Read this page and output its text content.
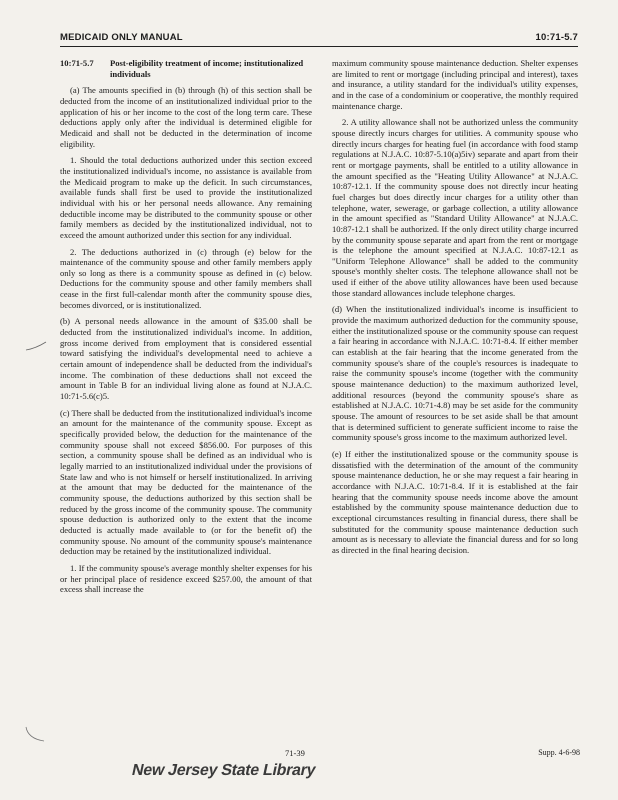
MEDICAID ONLY MANUAL	10:71-5.7
10:71-5.7	Post-eligibility treatment of income; institutionalized individuals

(a) The amounts specified in (b) through (h) of this section shall be deducted from the income of an institutionalized individual prior to the application of his or her income to the cost of the long term care. These deductions apply only after the individual is determined eligible for Medicaid and shall not be deducted in the determination of income eligibility.

1. Should the total deductions authorized under this section exceed the institutionalized individual's income, no assistance is available from the Medicaid program to make up the deficit. In such circumstances, available funds shall first be used to provide the institutionalized individual with his or her personal needs allowance. Any remaining deductible income may be distributed to the community spouse or other family members as decided by the institutionalized individual, not to exceed the amount authorized under this section for any individual.

2. The deductions authorized in (c) through (e) below for the maintenance of the community spouse and other family members apply only so long as there is a community spouse as defined in (c) below. Deductions for the community spouse and other family members shall cease in the first full-calendar month after the community spouse dies, becomes divorced, or is institutionalized.

(b) A personal needs allowance in the amount of $35.00 shall be deducted from the institutionalized individual's income. In addition, gross income derived from employment that is considered essential toward satisfying the individual's developmental need to achieve a certain amount of independence shall be deducted from the individual's income. The combination of these deductions shall not exceed the amount in Table B for an individual living alone as found at N.J.A.C. 10:71-5.6(c)5.

(c) There shall be deducted from the institutionalized individual's income an amount for the maintenance of the community spouse. Except as specifically provided below, the deduction for the maintenance of the community spouse shall not exceed $856.00. For purposes of this section, a community spouse shall be defined as an individual who is legally married to an institutionalized individual under the provisions of State law and who is not himself or herself institutionalized. In arriving at the amount that may be deducted for the maintenance of the community spouse, the deductions authorized by this section shall be reduced by the gross income of the community spouse. The community spouse deduction is authorized only to the extent that the income deducted is actually made available to (or for the benefit of) the community spouse. No amount of the community spouse's maintenance deduction may be retained by the institutionalized individual.

1. If the community spouse's average monthly shelter expenses for his or her principal place of residence exceed $257.00, the amount of that excess shall increase the

maximum community spouse maintenance deduction. Shelter expenses are limited to rent or mortgage (including principal and interest), taxes and insurance, a utility standard for the individual's utility expenses, and in the case of a condominium or cooperative, the monthly required maintenance charge.

2. A utility allowance shall not be authorized unless the community spouse directly incurs charges for utilities. A community spouse who directly incurs charges for heating fuel (in accordance with food stamp regulations at N.J.A.C. 10:87-5.10(a)5iv) separate and apart from their rent or mortgage payments, shall be entitled to a utility allowance in the amount specified as the "Heating Utility Allowance" at N.J.A.C. 10:87-12.1. If the community spouse does not directly incur heating fuel charges but does directly incur charges for a utility other than telephone, water, sewerage, or garbage collection, a utility allowance in the amount specified as "Standard Utility Allowance" at N.J.A.C. 10:87-12.1 shall be authorized. If the only direct utility charge incurred by the community spouse separate and apart from the rent or mortgage is the telephone the amount specified at N.J.A.C. 10:87-12.1 as "Uniform Telephone Allowance" shall be added to the community spouse's monthly shelter costs. The telephone allowance shall not be used if either of the above utility allowances have been used because those standard allowances include telephone charges.

(d) When the institutionalized individual's income is insufficient to provide the maximum authorized deduction for the community spouse, either the institutionalized spouse or the community spouse can request a fair hearing in accordance with N.J.A.C. 10:71-8.4. If either member can establish at the fair hearing that the income generated from the community spouse's share of the couple's resources is inadequate to raise the community spouse's income (together with the community spouse maintenance deduction) to the maximum authorized level, additional resources (beyond the community spouse's share as established at N.J.A.C. 10:71-4.8) may be set aside for the community spouse. The amount of resources to be set aside shall be that amount that is determined sufficient to generate sufficient income to raise the community spouse's gross income to the maximum authorized level.

(e) If either the institutionalized spouse or the community spouse is dissatisfied with the determination of the amount of the community spouse maintenance deduction, he or she may request a fair hearing in accordance with N.J.A.C. 10:71-8.4. If it is established at the fair hearing that the community spouse needs income above the amount established by the community spouse maintenance deduction due to exceptional circumstances resulting in financial duress, there shall be substituted for the community spouse maintenance deduction such amount as is necessary to alleviate the financial duress and for so long as directed in the final hearing decision.

71-39	Supp. 4-6-98
New Jersey State Library
